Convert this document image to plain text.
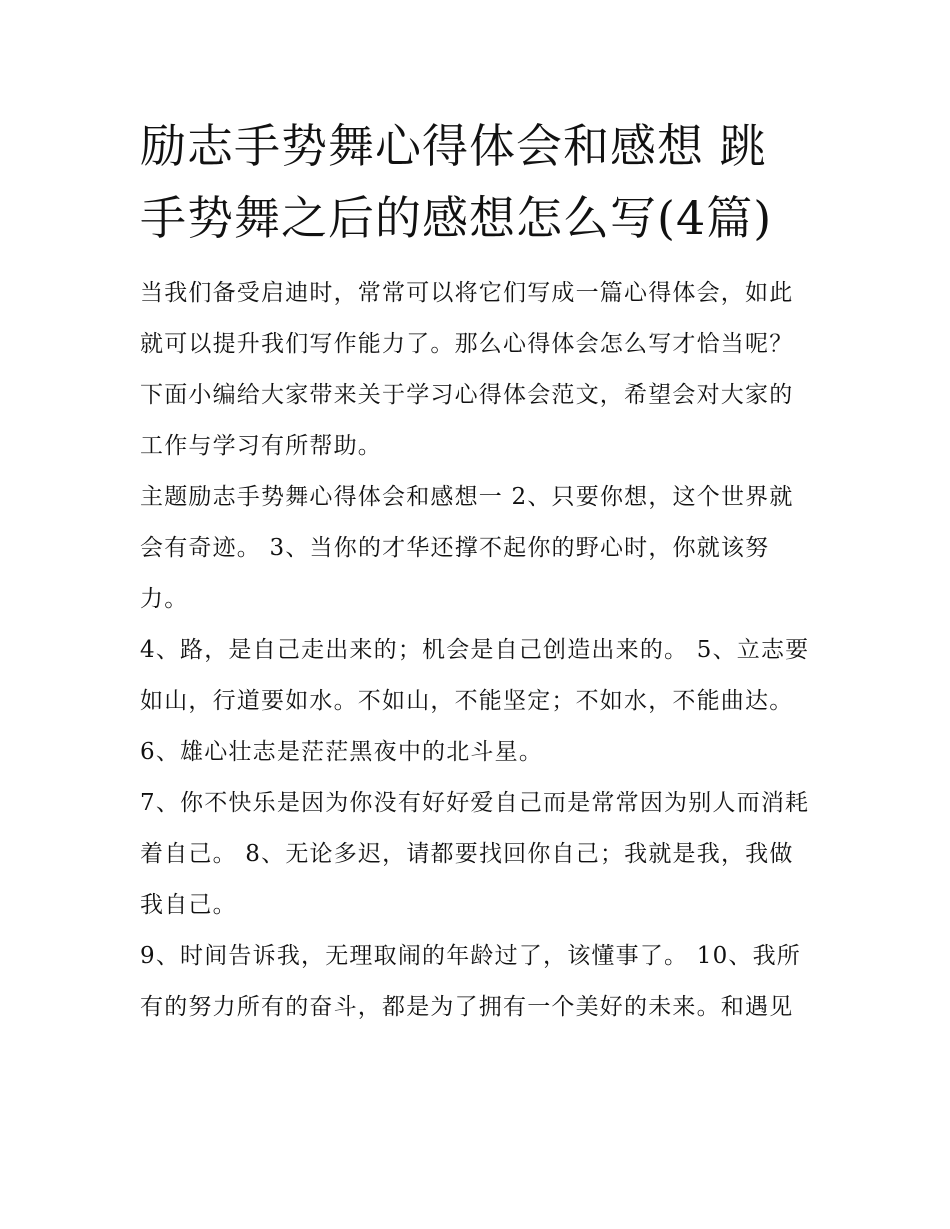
励志手势舞心得体会和感想 跳手势舞之后的感想怎么写(4篇)

当我们备受启迪时，常常可以将它们写成一篇心得体会，如此就可以提升我们写作能力了。那么心得体会怎么写才恰当呢？下面小编给大家带来关于学习心得体会范文，希望会对大家的工作与学习有所帮助。

主题励志手势舞心得体会和感想一 2、只要你想，这个世界就会有奇迹。 3、当你的才华还撑不起你的野心时，你就该努力。

4、路，是自己走出来的；机会是自己创造出来的。 5、立志要如山，行道要如水。不如山，不能坚定；不如水，不能曲达。 6、雄心壮志是茫茫黑夜中的北斗星。

7、你不快乐是因为你没有好好爱自己而是常常因为别人而消耗着自己。 8、无论多迟，请都要找回你自己；我就是我，我做我自己。

9、时间告诉我，无理取闹的年龄过了，该懂事了。 10、我所有的努力所有的奋斗，都是为了拥有一个美好的未来。和遇见
